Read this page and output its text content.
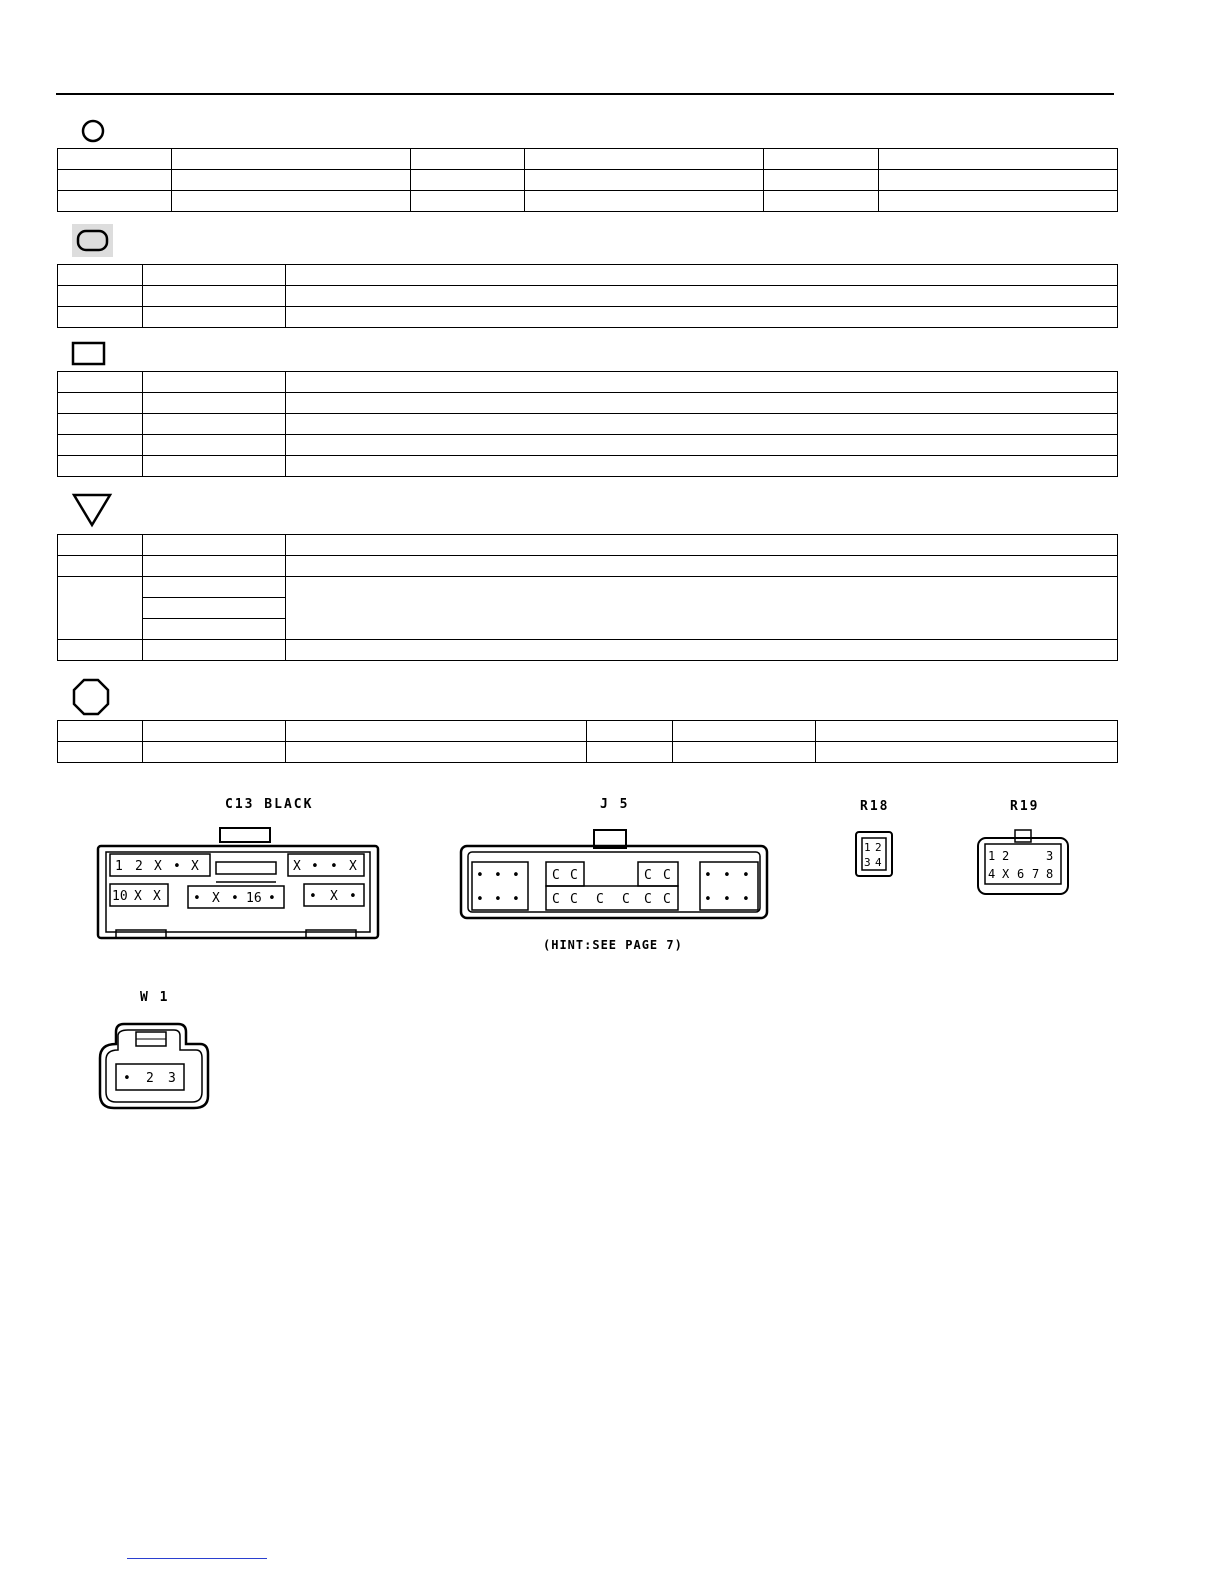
C13 BLACK	J 5	R18	R19
W 1
(HINT:SEE PAGE 7)
1 2 X • X	X • • X
10 X X • X • 16 •	• X •
• • • C C	C C	• • •
• • • C C C C C C	• • •
1 2
3 4	1 2	3
4 X 6 7 8
• 2 3
